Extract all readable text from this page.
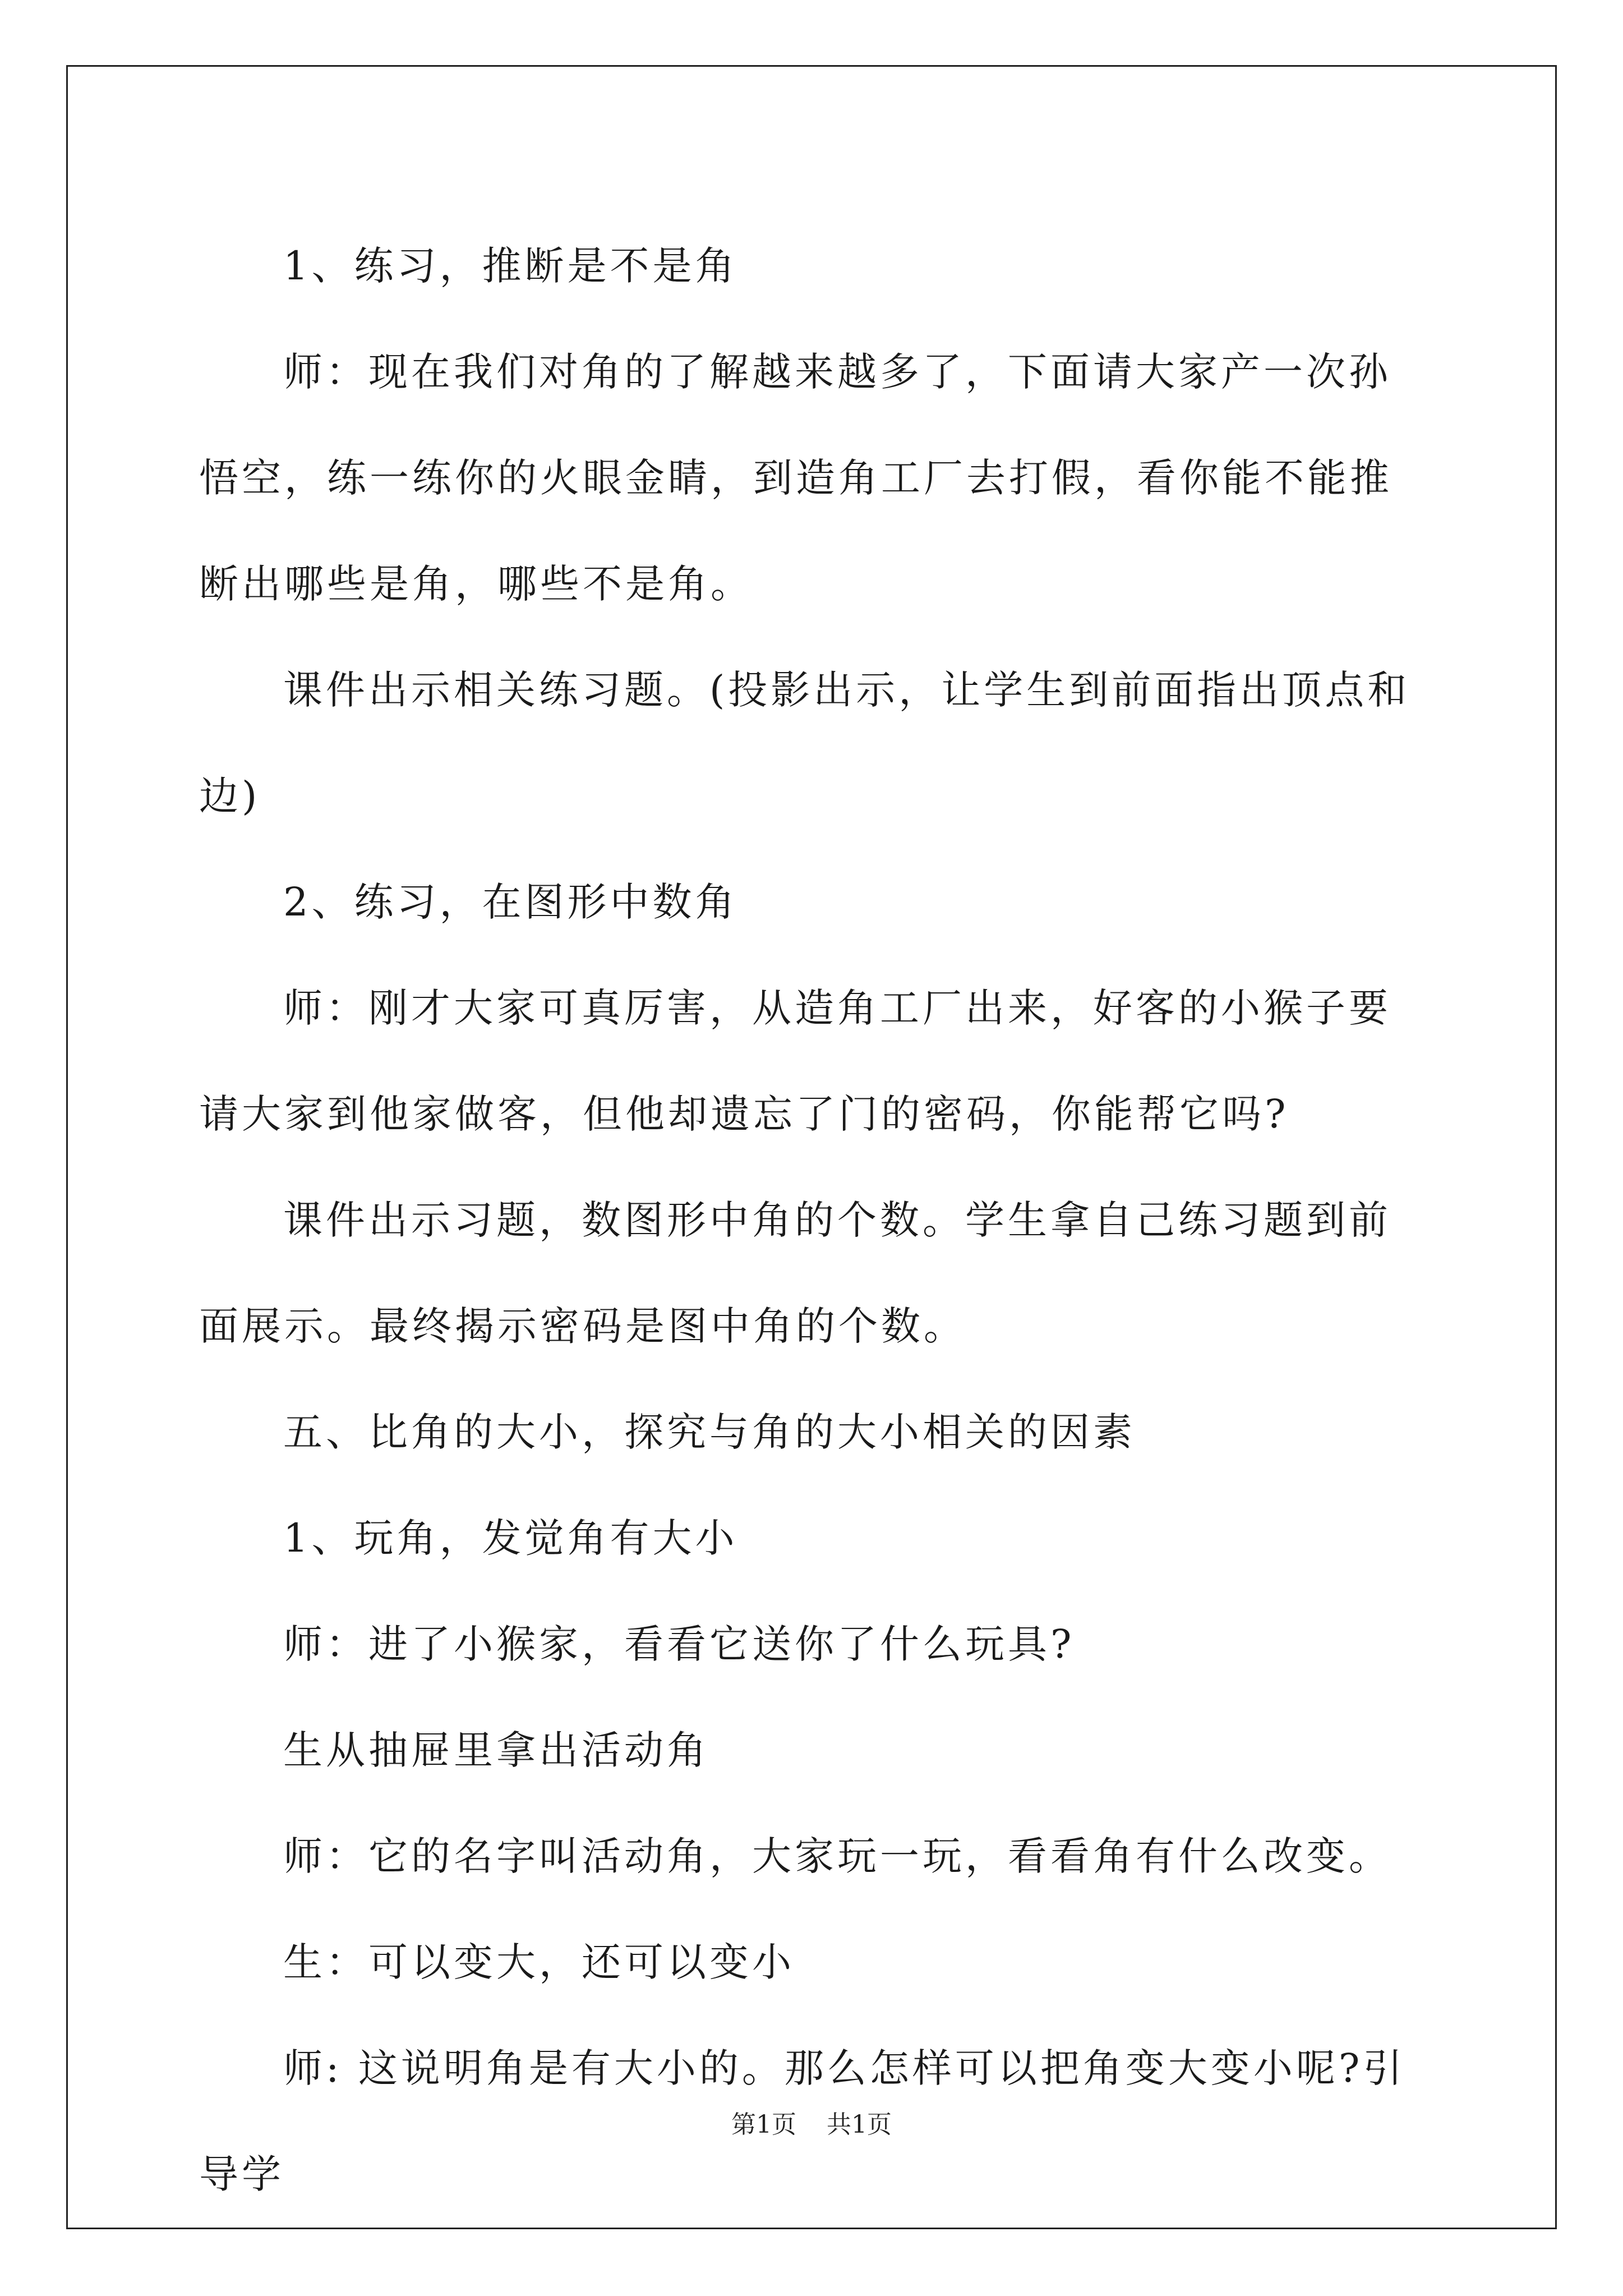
1、练习，推断是不是角

师：现在我们对角的了解越来越多了，下面请大家产一次孙悟空，练一练你的火眼金睛，到造角工厂去打假，看你能不能推断出哪些是角，哪些不是角。

课件出示相关练习题。(投影出示，让学生到前面指出顶点和边)

2、练习，在图形中数角

师：刚才大家可真厉害，从造角工厂出来，好客的小猴子要请大家到他家做客，但他却遗忘了门的密码，你能帮它吗?

课件出示习题，数图形中角的个数。学生拿自己练习题到前面展示。最终揭示密码是图中角的个数。

五、比角的大小，探究与角的大小相关的因素

1、玩角，发觉角有大小

师：进了小猴家，看看它送你了什么玩具?

生从抽屉里拿出活动角

师：它的名字叫活动角，大家玩一玩，看看角有什么改变。

生：可以变大，还可以变小

师: 这说明角是有大小的。那么怎样可以把角变大变小呢?引导学

第1页 共1页
